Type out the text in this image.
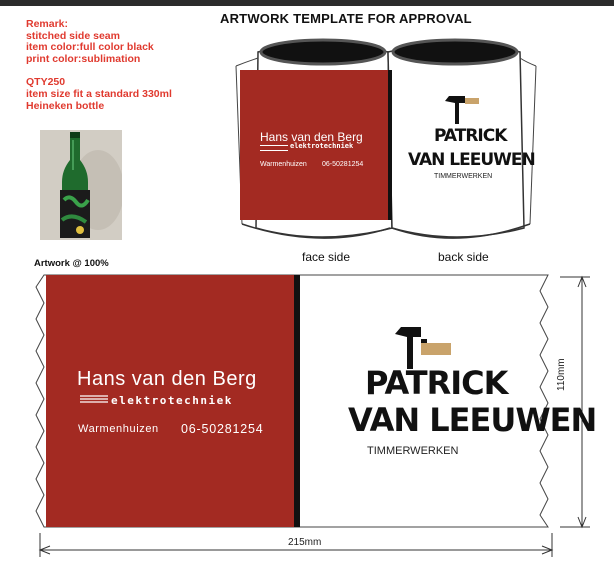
ARTWORK TEMPLATE FOR APPROVAL
Remark:
stitched side seam
item color:full color black
print color:sublimation
QTY250
item size fit a standard 330ml
Heineken bottle
Hans van den Berg
elektrotechniek
Warmenhuizen 06-50281254
PATRICK
VAN LEEUWEN
TIMMERWERKEN
face side	back side
Artwork @ 100%
Hans van den Berg
elektrotechniek
Warmenhuizen 06-50281254
PATRICK
VAN LEEUWEN
TIMMERWERKEN
215mm
110mm
